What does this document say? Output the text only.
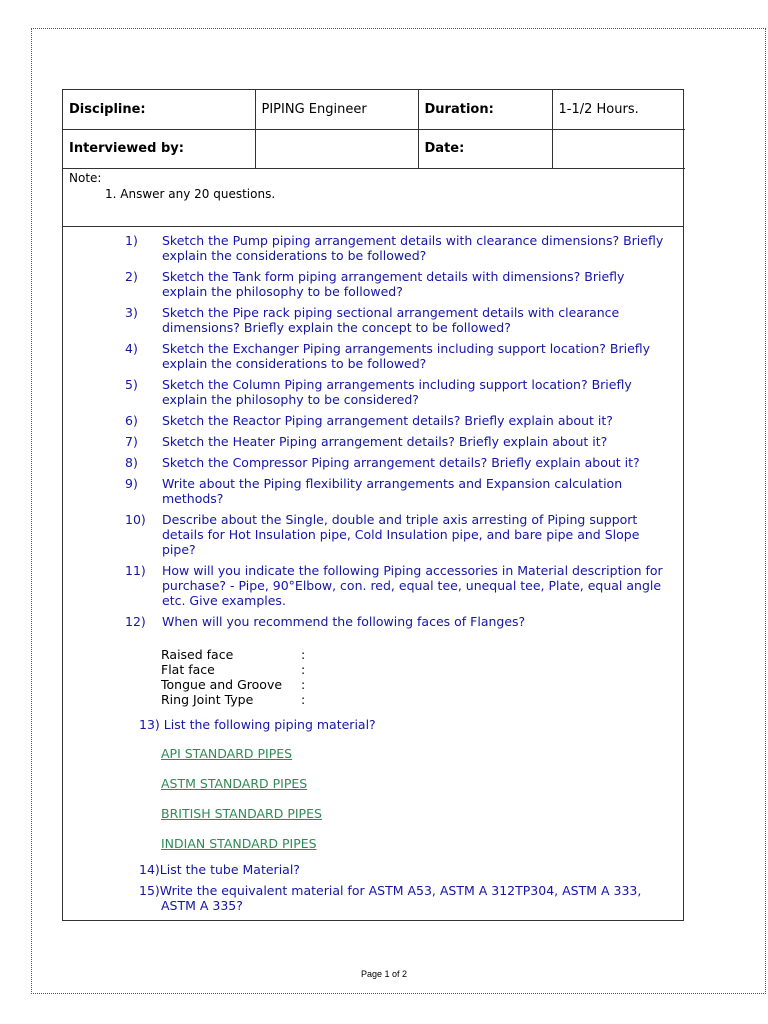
Discipline:	PIPING Engineer	Duration:	1-1/2 Hours.
Interviewed by:		Date:	
Note:
1. Answer any 20 questions.
1)	Sketch the Pump piping arrangement details with clearance dimensions? Briefly explain the considerations to be followed?
2)	Sketch the Tank form piping arrangement details with dimensions? Briefly explain the philosophy to be followed?
3)	Sketch the Pipe rack piping sectional arrangement details with clearance dimensions? Briefly explain the concept to be followed?
4)	Sketch the Exchanger Piping arrangements including support location? Briefly explain the considerations to be followed?
5)	Sketch the Column Piping arrangements including support location? Briefly explain the philosophy to be considered?
6)	Sketch the Reactor Piping arrangement details? Briefly explain about it?
7)	Sketch the Heater Piping arrangement details? Briefly explain about it?
8)	Sketch the Compressor Piping arrangement details? Briefly explain about it?
9)	Write about the Piping flexibility arrangements and Expansion calculation methods?
10)	Describe about the Single, double and triple axis arresting of Piping support details for Hot Insulation pipe, Cold Insulation pipe, and bare pipe and Slope pipe?
11)	How will you indicate the following Piping accessories in Material description for purchase? - Pipe, 90°Elbow, con. red, equal tee, unequal tee, Plate, equal angle etc. Give examples.
12)	When will you recommend the following faces of Flanges?
Raised face	:
Flat face	:
Tongue and Groove	:
Ring Joint Type	:
13) List the following piping material?
API STANDARD PIPES
ASTM STANDARD PIPES
BRITISH STANDARD PIPES
INDIAN STANDARD PIPES
14)List the tube Material?
15)Write the equivalent material for ASTM A53, ASTM A 312TP304, ASTM A 333,
ASTM A 335?
Page 1 of 2
